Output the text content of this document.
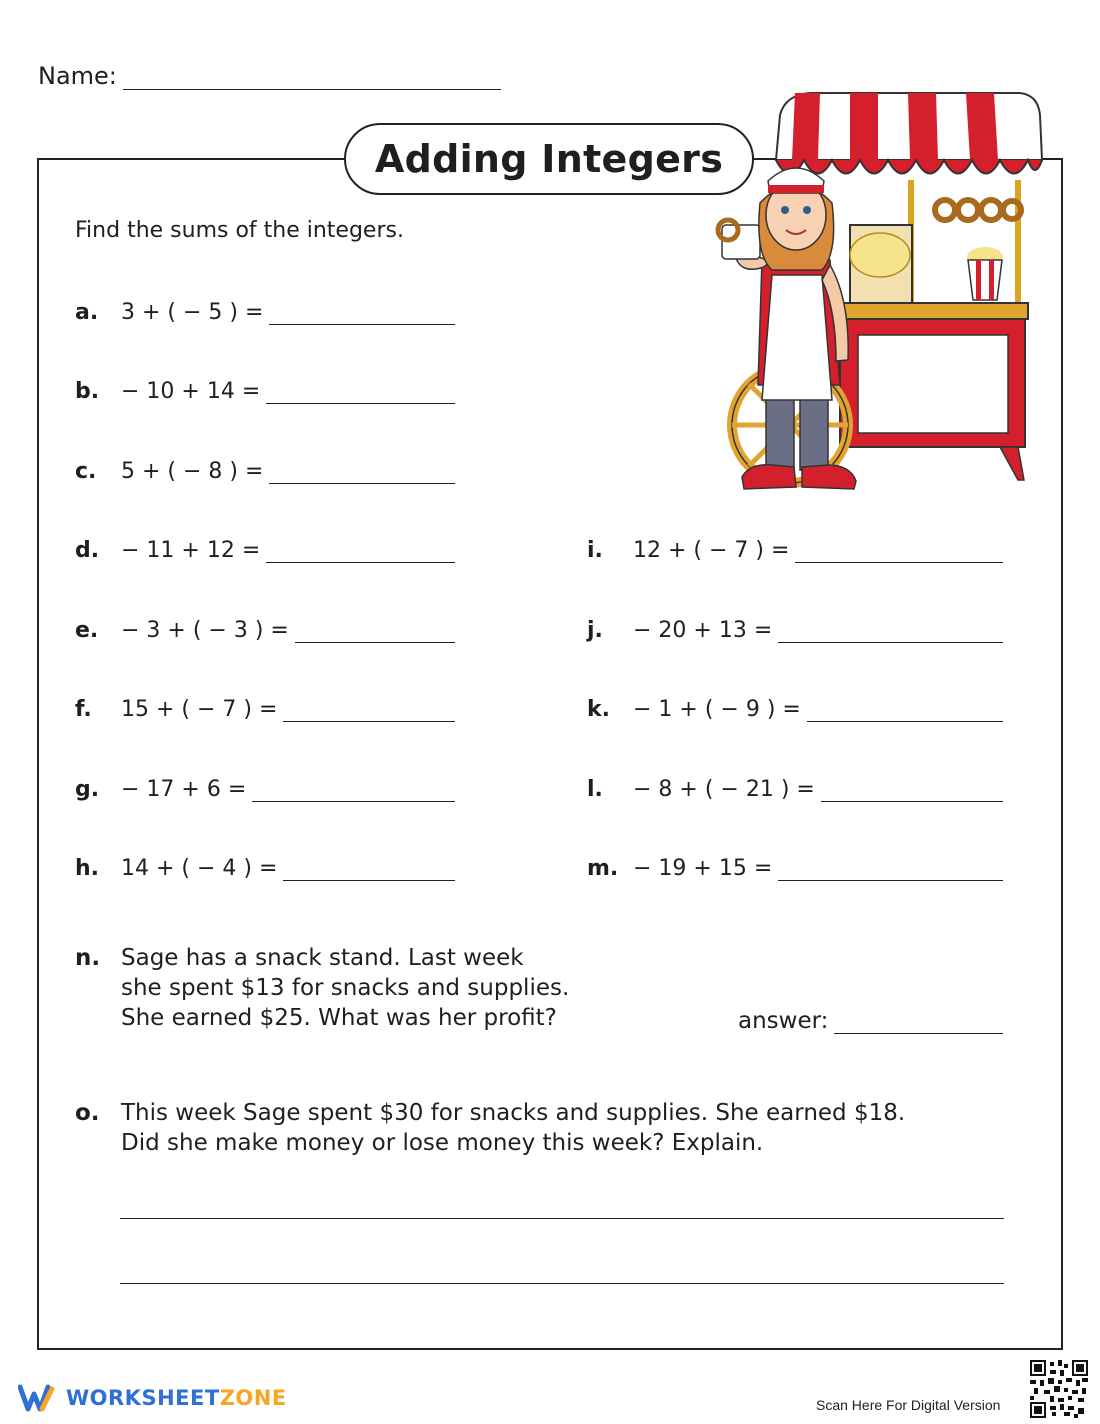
Name:
Adding Integers
Find the sums of the integers.
a.	3 + ( − 5 ) =
b. − 10 + 14 =
c.	5 + ( − 8 ) =
d. − 11 + 12 =
e.	− 3 + ( − 3 ) =
f.	15 + ( − 7 ) =
g. − 17 + 6 =
h. 14 + ( − 4 ) =
i.	12 + ( − 7 ) =
j.	− 20 + 13 =
k.	− 1 + ( − 9 ) =
l.	− 8 + ( − 21 ) =
m. − 19 + 15 =
n. Sage has a snack stand. Last week
she spent $13 for snacks and supplies.
She earned $25. What was her profit?	answer:
o. This week Sage spent $30 for snacks and supplies. She earned $18.
Did she make money or lose money this week? Explain.
WORKSHEETZONE	Scan Here For Digital Version
